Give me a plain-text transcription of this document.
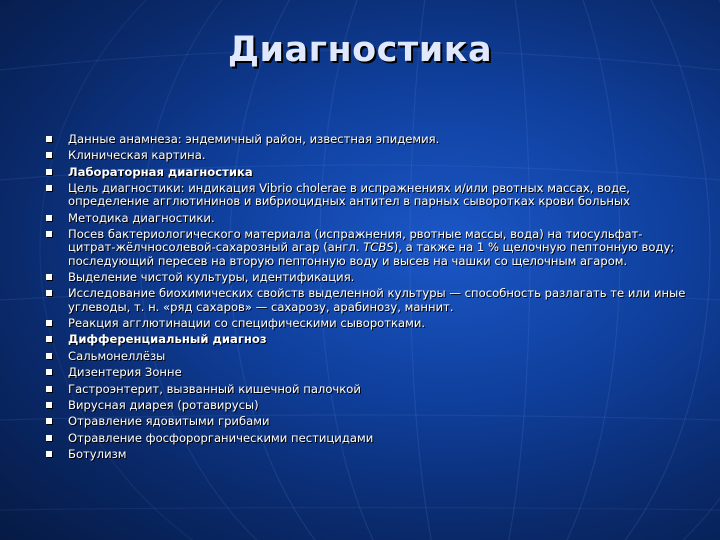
Диагностика
Данные анамнеза: эндемичный район, известная эпидемия.
Клиническая картина.
Лабораторная диагностика
Цель диагностики: индикация Vibrio cholerae в испражнениях и/или рвотных массах, воде, определение агглютининов и вибриоцидных антител в парных сыворотках крови больных
Методика диагностики.
Посев бактериологического материала (испражнения, рвотные массы, вода) на тиосульфат-цитрат-жёлчносолевой-сахарозный агар (англ. TCBS), а также на 1 % щелочную пептонную воду; последующий пересев на вторую пептонную воду и высев на чашки со щелочным агаром.
Выделение чистой культуры, идентификация.
Исследование биохимических свойств выделенной культуры — способность разлагать те или иные углеводы, т. н. «ряд сахаров» — сахарозу, арабинозу, маннит.
Реакция агглютинации со специфическими сыворотками.
Дифференциальный диагноз
Сальмонеллёзы
Дизентерия Зонне
Гастроэнтерит, вызванный кишечной палочкой
Вирусная диарея (ротавирусы)
Отравление ядовитыми грибами
Отравление фосфорорганическими пестицидами
Ботулизм
